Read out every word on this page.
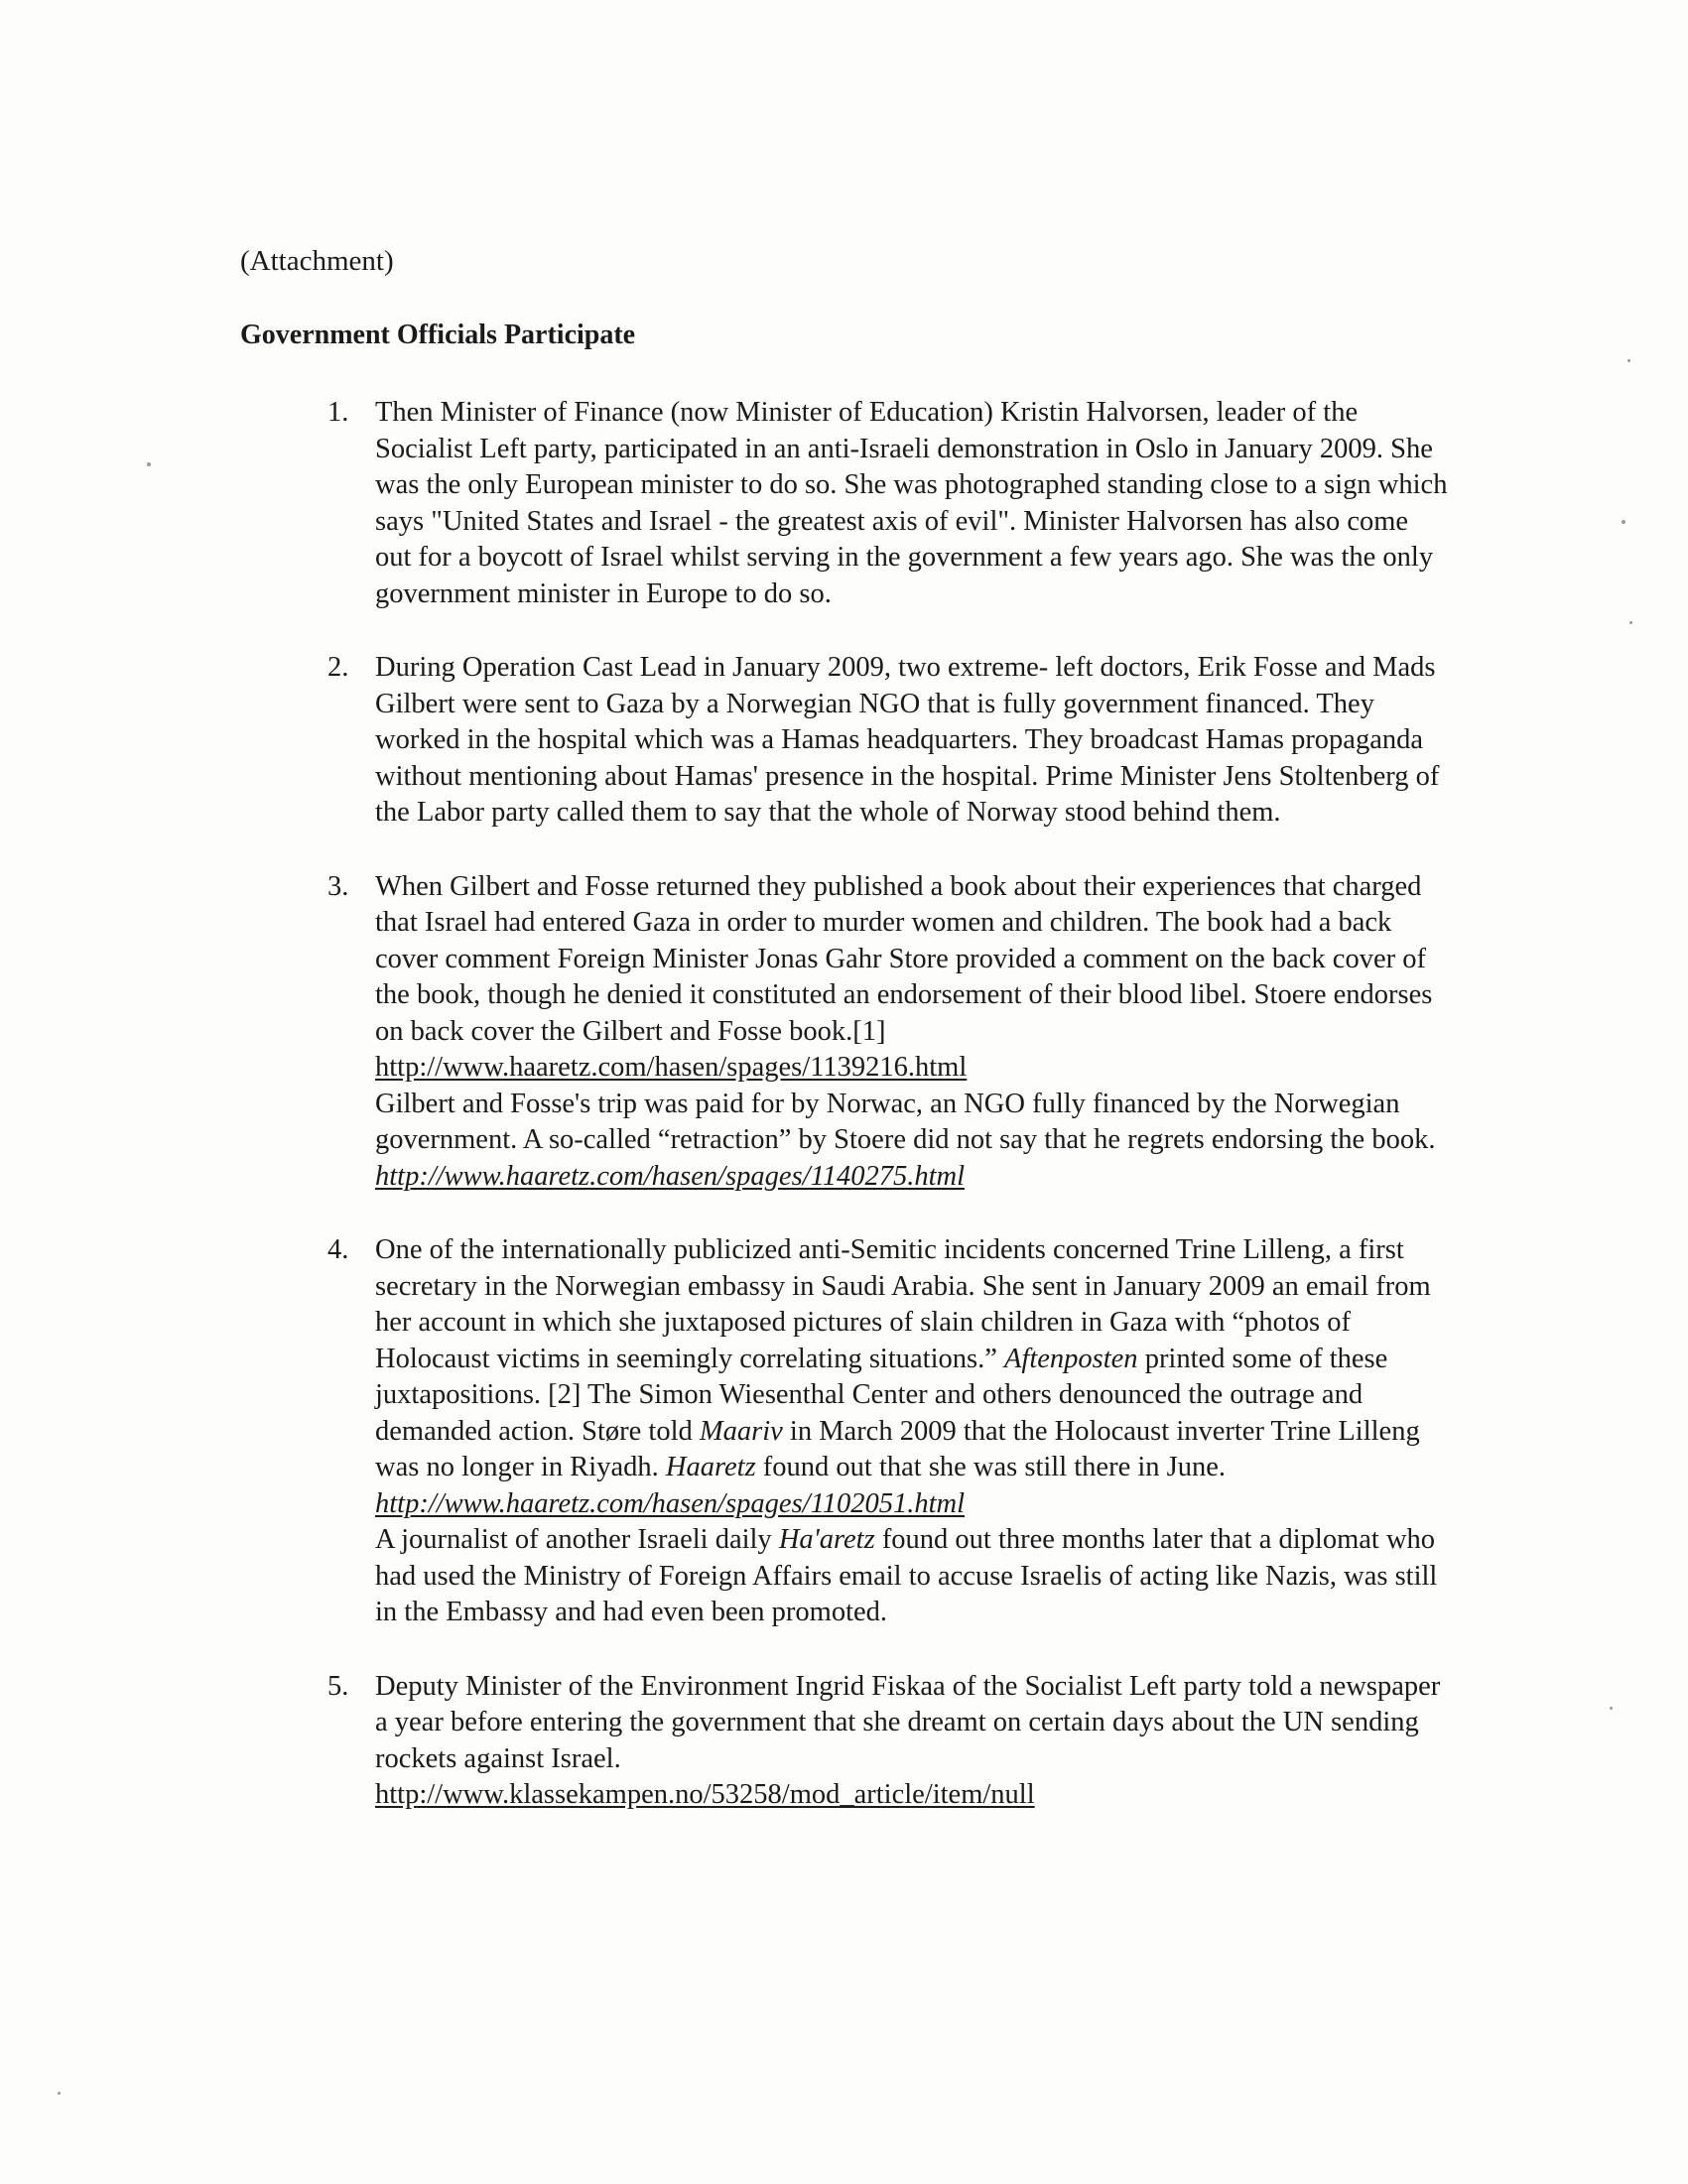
(Attachment)
Government Officials Participate
1. Then Minister of Finance (now Minister of Education) Kristin Halvorsen, leader of the Socialist Left party, participated in an anti-Israeli demonstration in Oslo in January 2009. She was the only European minister to do so. She was photographed standing close to a sign which says "United States and Israel - the greatest axis of evil". Minister Halvorsen has also come out for a boycott of Israel whilst serving in the government a few years ago. She was the only government minister in Europe to do so.
2. During Operation Cast Lead in January 2009, two extreme- left doctors, Erik Fosse and Mads Gilbert were sent to Gaza by a Norwegian NGO that is fully government financed. They worked in the hospital which was a Hamas headquarters. They broadcast Hamas propaganda without mentioning about Hamas' presence in the hospital. Prime Minister Jens Stoltenberg of the Labor party called them to say that the whole of Norway stood behind them.
3. When Gilbert and Fosse returned they published a book about their experiences that charged that Israel had entered Gaza in order to murder women and children. The book had a back cover comment Foreign Minister Jonas Gahr Store provided a comment on the back cover of the book, though he denied it constituted an endorsement of their blood libel. Stoere endorses on back cover the Gilbert and Fosse book.[1] http://www.haaretz.com/hasen/spages/1139216.html
Gilbert and Fosse's trip was paid for by Norwac, an NGO fully financed by the Norwegian government. A so-called “retraction” by Stoere did not say that he regrets endorsing the book. http://www.haaretz.com/hasen/spages/1140275.html
4. One of the internationally publicized anti-Semitic incidents concerned Trine Lilleng, a first secretary in the Norwegian embassy in Saudi Arabia. She sent in January 2009 an email from her account in which she juxtaposed pictures of slain children in Gaza with “photos of Holocaust victims in seemingly correlating situations.” Aftenposten printed some of these juxtapositions. [2] The Simon Wiesenthal Center and others denounced the outrage and demanded action. Støre told Maariv in March 2009 that the Holocaust inverter Trine Lilleng was no longer in Riyadh. Haaretz found out that she was still there in June. http://www.haaretz.com/hasen/spages/1102051.html
A journalist of another Israeli daily Ha'aretz found out three months later that a diplomat who had used the Ministry of Foreign Affairs email to accuse Israelis of acting like Nazis, was still in the Embassy and had even been promoted.
5. Deputy Minister of the Environment Ingrid Fiskaa of the Socialist Left party told a newspaper a year before entering the government that she dreamt on certain days about the UN sending rockets against Israel.
http://www.klassekampen.no/53258/mod_article/item/null
